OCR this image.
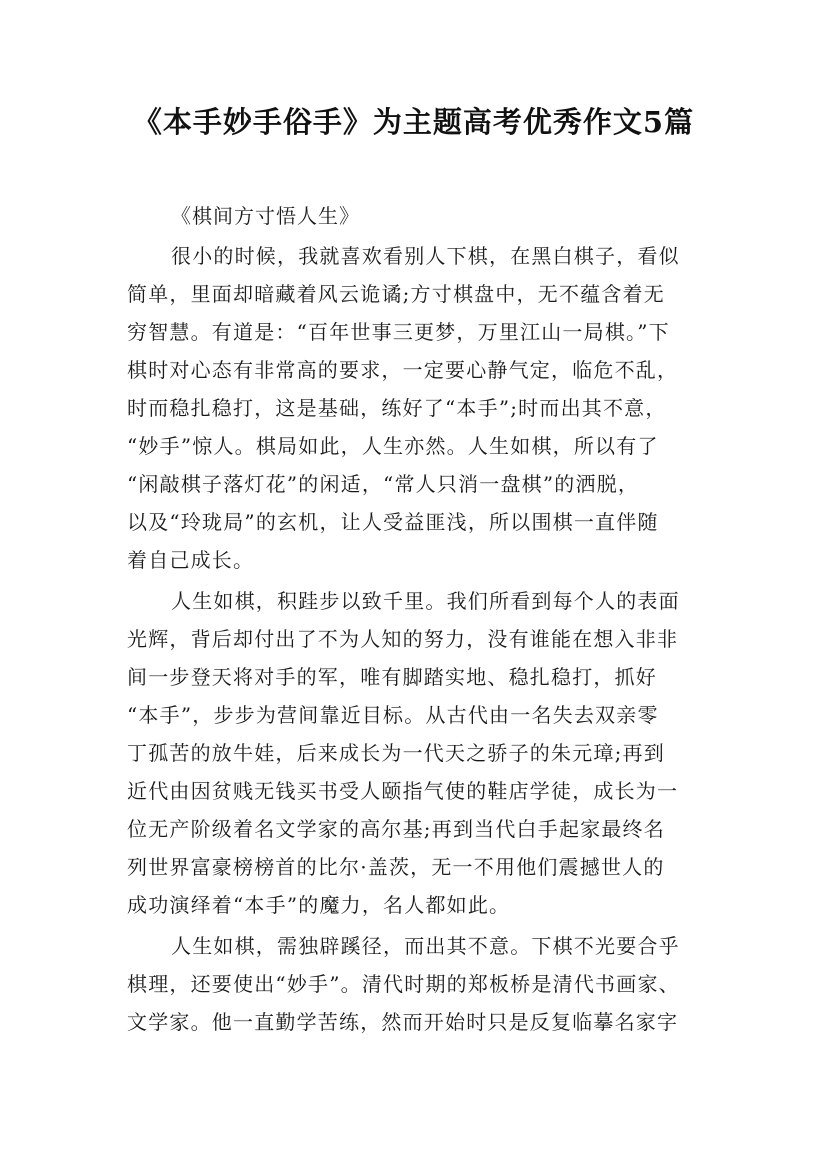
《本手妙手俗手》为主题高考优秀作文5篇
《棋间方寸悟人生》
很小的时候，我就喜欢看别人下棋，在黑白棋子，看似
简单，里面却暗藏着风云诡谲;方寸棋盘中，无不蕴含着无
穷智慧。有道是：“百年世事三更梦，万里江山一局棋。”下
棋时对心态有非常高的要求，一定要心静气定，临危不乱，
时而稳扎稳打，这是基础，练好了“本手”;时而出其不意，
“妙手”惊人。棋局如此，人生亦然。人生如棋，所以有了
“闲敲棋子落灯花”的闲适，“常人只消一盘棋”的洒脱，
以及“玲珑局”的玄机，让人受益匪浅，所以围棋一直伴随
着自己成长。
人生如棋，积跬步以致千里。我们所看到每个人的表面
光辉，背后却付出了不为人知的努力，没有谁能在想入非非
间一步登天将对手的军，唯有脚踏实地、稳扎稳打，抓好
“本手”，步步为营间靠近目标。从古代由一名失去双亲零
丁孤苦的放牛娃，后来成长为一代天之骄子的朱元璋;再到
近代由因贫贱无钱买书受人颐指气使的鞋店学徒，成长为一
位无产阶级着名文学家的高尔基;再到当代白手起家最终名
列世界富豪榜榜首的比尔·盖茨，无一不用他们震撼世人的
成功演绎着“本手”的魔力，名人都如此。
人生如棋，需独辟蹊径，而出其不意。下棋不光要合乎
棋理，还要使出“妙手”。清代时期的郑板桥是清代书画家、
文学家。他一直勤学苦练，然而开始时只是反复临摹名家字
